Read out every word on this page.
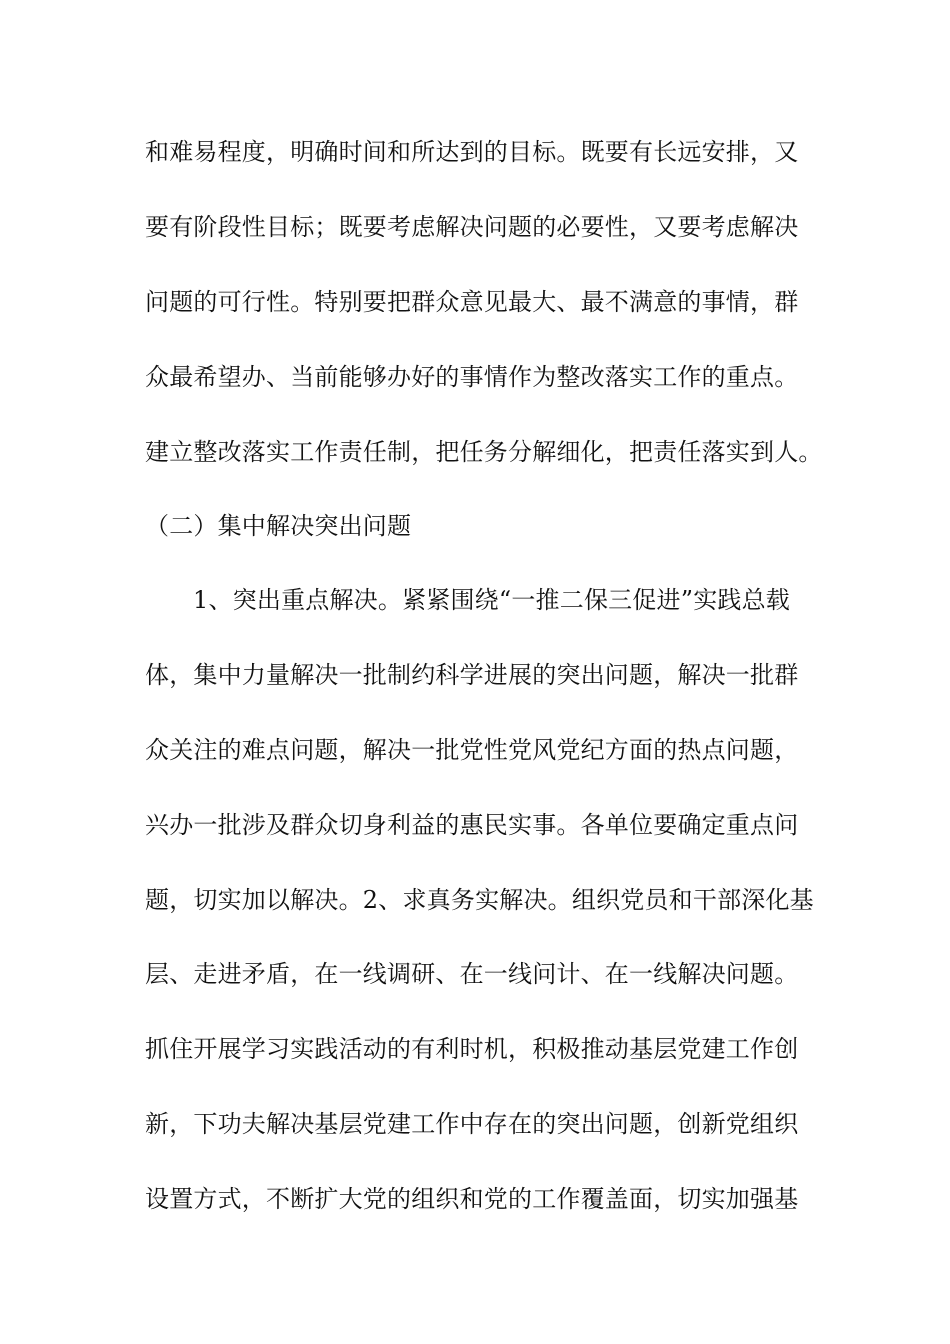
和难易程度，明确时间和所达到的目标。既要有长远安排，又
要有阶段性目标；既要考虑解决问题的必要性，又要考虑解决
问题的可行性。特别要把群众意见最大、最不满意的事情，群
众最希望办、当前能够办好的事情作为整改落实工作的重点。
建立整改落实工作责任制，把任务分解细化，把责任落实到人。
（二）集中解决突出问题
1、突出重点解决。紧紧围绕“一推二保三促进”实践总载
体，集中力量解决一批制约科学进展的突出问题，解决一批群
众关注的难点问题，解决一批党性党风党纪方面的热点问题，
兴办一批涉及群众切身利益的惠民实事。各单位要确定重点问
题，切实加以解决。2、求真务实解决。组织党员和干部深化基
层、走进矛盾，在一线调研、在一线问计、在一线解决问题。
抓住开展学习实践活动的有利时机，积极推动基层党建工作创
新，下功夫解决基层党建工作中存在的突出问题，创新党组织
设置方式，不断扩大党的组织和党的工作覆盖面，切实加强基
